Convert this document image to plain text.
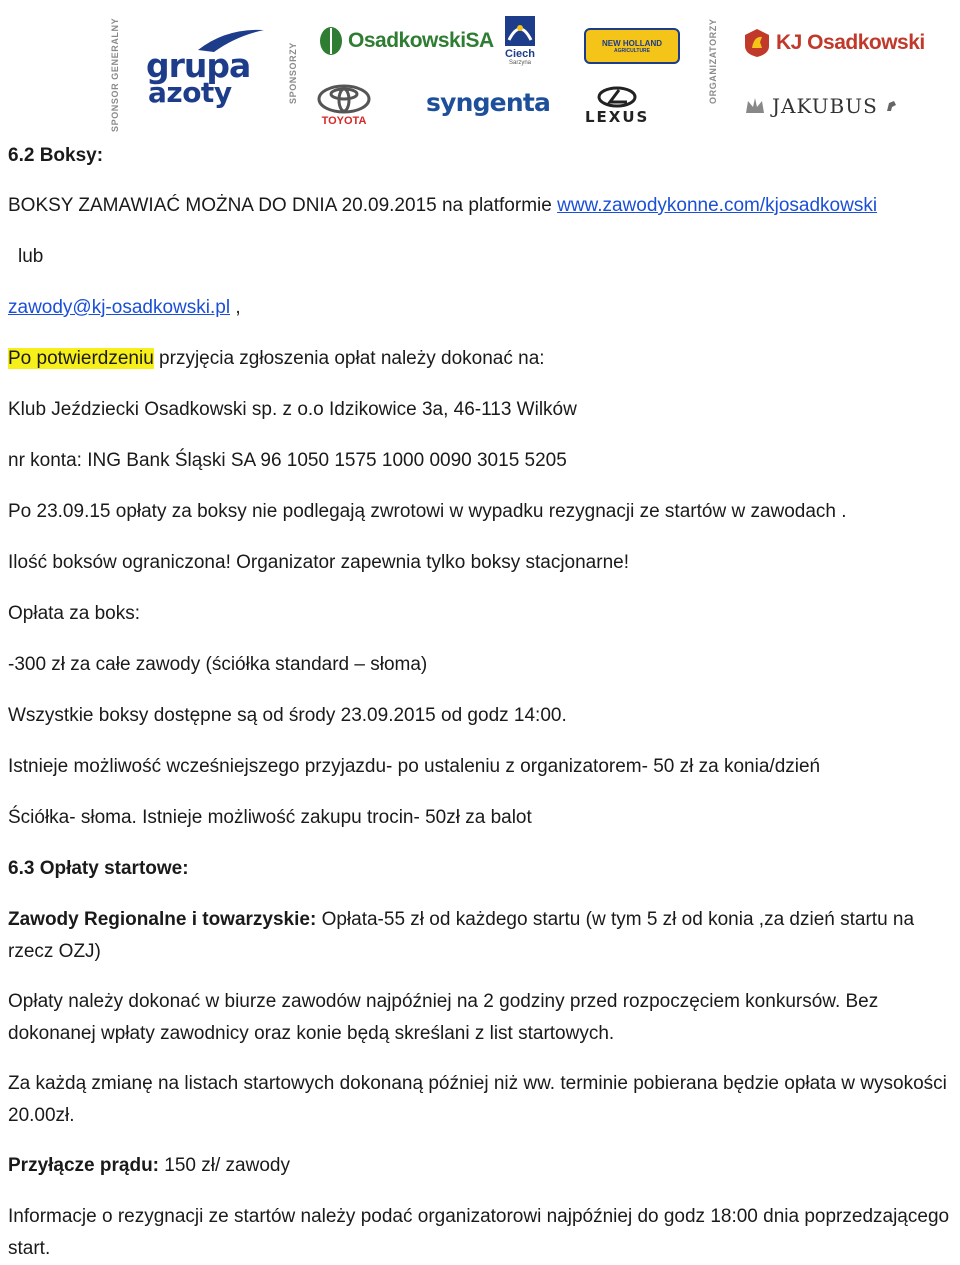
SPONSOR GENERALNY	SPONSORZY	ORGANIZATORZY
grupa
azoty
OsadkowskiSA
Ciech
Sarzyna
NEW HOLLAND
AGRICULTURE	KJ Osadkowski
TOYOTA
syngenta LEXUS	JAKUBUS
6.2 Boksy:
BOKSY ZAMAWIAĆ MOŻNA DO DNIA 20.09.2015 na platformie www.zawodykonne.com/kjosadkowski
lub
zawody@kj-osadkowski.pl ,
Po potwierdzeniu przyjęcia zgłoszenia opłat należy dokonać na:
Klub Jeździecki Osadkowski sp. z o.o Idzikowice 3a, 46-113 Wilków
nr konta: ING Bank Śląski SA 96 1050 1575 1000 0090 3015 5205
Po 23.09.15 opłaty za boksy nie podlegają zwrotowi w wypadku rezygnacji ze startów w zawodach .
Ilość boksów ograniczona! Organizator zapewnia tylko boksy stacjonarne!
Opłata za boks:
-300 zł za całe zawody (ściółka standard – słoma)
Wszystkie boksy dostępne są od środy 23.09.2015 od godz 14:00.
Istnieje możliwość wcześniejszego przyjazdu- po ustaleniu z organizatorem- 50 zł za konia/dzień
Ściółka- słoma. Istnieje możliwość zakupu trocin- 50zł za balot
6.3 Opłaty startowe:
Zawody Regionalne i towarzyskie: Opłata-55 zł od każdego startu (w tym 5 zł od konia ,za dzień startu na rzecz OZJ)
Opłaty należy dokonać w biurze zawodów najpóźniej na 2 godziny przed rozpoczęciem konkursów. Bez dokonanej wpłaty zawodnicy oraz konie będą skreślani z list startowych.
Za każdą zmianę na listach startowych dokonaną później niż ww. terminie pobierana będzie opłata w wysokości 20.00zł.
Przyłącze prądu: 150 zł/ zawody
Informacje o rezygnacji ze startów należy podać organizatorowi najpóźniej do godz 18:00 dnia poprzedzającego start.
